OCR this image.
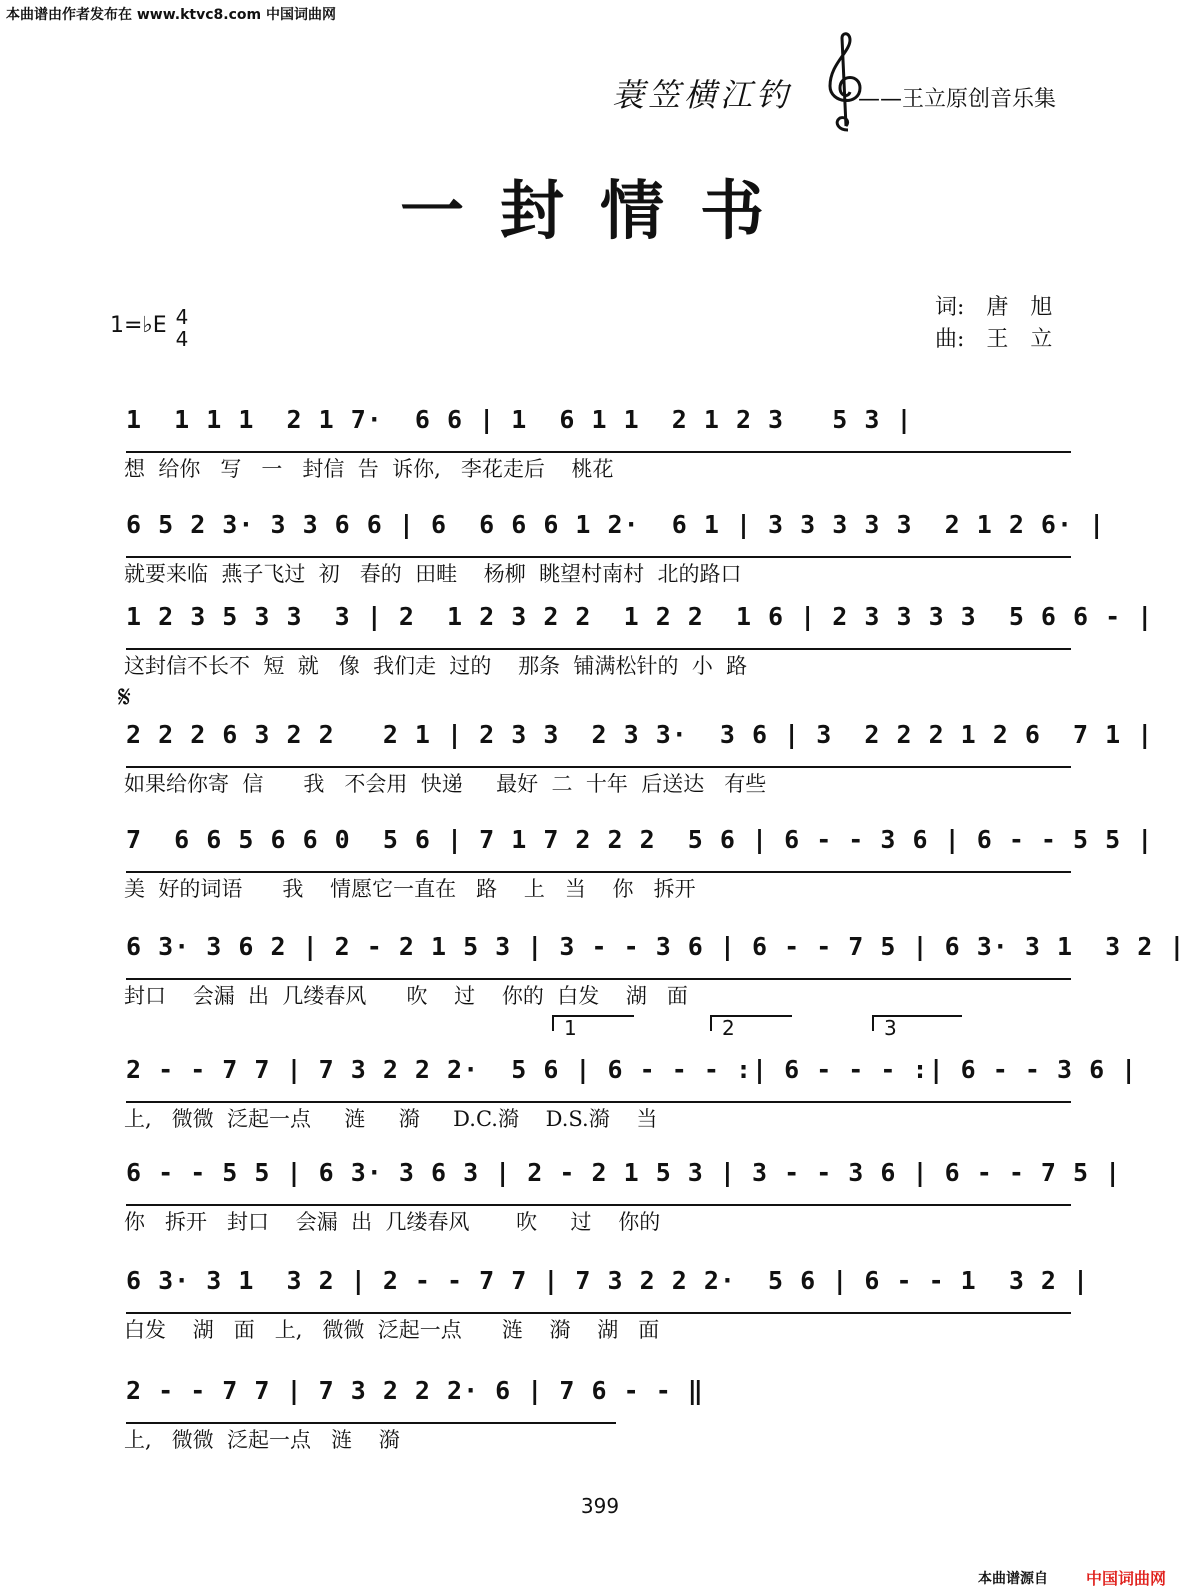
本曲谱由作者发布在 www.ktvc8.com 中国词曲网
蓑笠横江钓	——王立原创音乐集
一封情书
1=♭E 4
4
词: 唐旭
曲: 王立
1  1 1 1  2 1 7·  6 6 | 1  6 1 1  2 1 2 3   5 3 |
想  给你   写   一   封信  告  诉你,   李花走后    桃花
6 5 2 3· 3 3 6 6 | 6  6 6 6 1 2·  6 1 | 3 3 3 3 3  2 1 2 6· |
就要来临  燕子飞过  初   春的  田畦    杨柳  眺望村南村  北的路口
1 2 3 5 3 3  3 | 2  1 2 3 2 2  1 2 2  1 6 | 2 3 3 3 3  5 6 6 - |
这封信不长不  短  就   像  我们走  过的    那条  铺满松针的  小  路
𝄋
2 2 2 6 3 2 2   2 1 | 2 3 3  2 3 3·  3 6 | 3  2 2 2 1 2 6  7 1 |
如果给你寄  信      我   不会用  快递     最好  二  十年  后送达   有些
7  6 6 5 6 6 0  5 6 | 7 1 7 2 2 2  5 6 | 6 - - 3 6 | 6 - - 5 5 |
美  好的词语      我    情愿它一直在   路    上   当    你   拆开
6 3· 3 6 2 | 2 - 2 1 5 3 | 3 - - 3 6 | 6 - - 7 5 | 6 3· 3 1  3 2 |
封口    会漏  出  几缕春风      吹    过    你的  白发    湖   面
1	2	3
2 - - 7 7 | 7 3 2 2 2·  5 6 | 6 - - - :| 6 - - - :| 6 - - 3 6 |
上,   微微  泛起一点     涟     漪     D.C.漪    D.S.漪    当
6 - - 5 5 | 6 3· 3 6 3 | 2 - 2 1 5 3 | 3 - - 3 6 | 6 - - 7 5 |
你   拆开   封口    会漏  出  几缕春风       吹     过    你的
6 3· 3 1  3 2 | 2 - - 7 7 | 7 3 2 2 2·  5 6 | 6 - - 1  3 2 |
白发    湖   面   上,   微微  泛起一点      涟    漪    湖   面
2 - - 7 7 | 7 3 2 2 2· 6 | 7 6 - - ‖
上,   微微  泛起一点   涟    漪
399
本曲谱源自 中国词曲网
